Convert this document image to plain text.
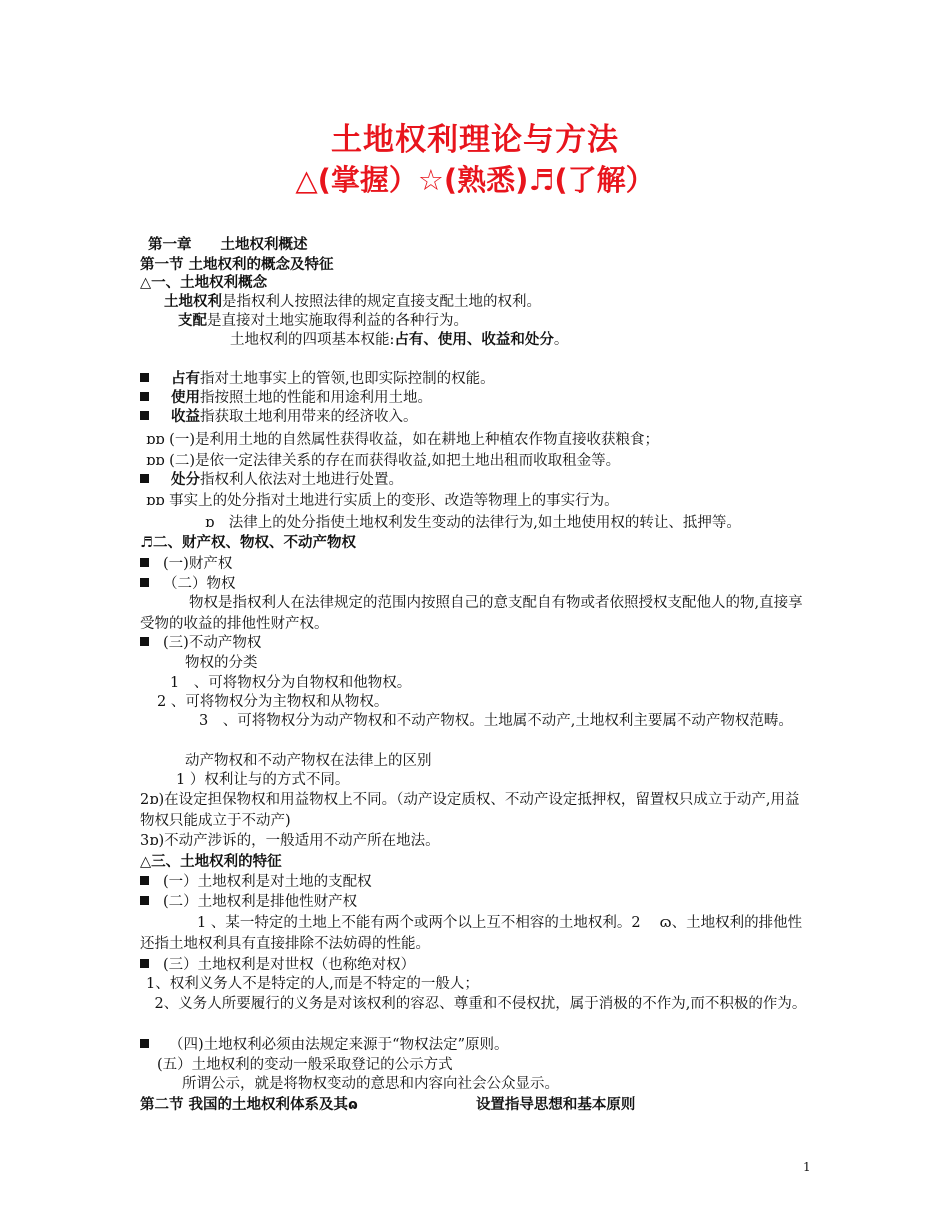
土地权利理论与方法
△(掌握）☆(熟悉)♬(了解）
第一章　　土地权利概述
第一节 土地权利的概念及特征
△一、土地权利概念
土地权利是指权利人按照法律的规定直接支配土地的权利。
支配是直接对土地实施取得利益的各种行为。
土地权利的四项基本权能:占有、使用、收益和处分。
占有指对土地事实上的管领,也即实际控制的权能。
使用指按照土地的性能和用途利用土地。
收益指获取土地利用带来的经济收入。
ɒɒ (一)是利用土地的自然属性获得收益，如在耕地上种植农作物直接收获粮食；
ɒɒ (二)是依一定法律关系的存在而获得收益,如把土地出租而收取租金等。
处分指权利人依法对土地进行处置。
ɒɒ 事实上的处分指对土地进行实质上的变形、改造等物理上的事实行为。
ɒ　法律上的处分指使土地权利发生变动的法律行为,如土地使用权的转让、抵押等。
♬二、财产权、物权、不动产物权
(一)财产权
（二）物权
　　物权是指权利人在法律规定的范围内按照自己的意支配自有物或者依照授权支配他人的物,直接享受物的收益的排他性财产权。
(三)不动产物权
物权的分类
1　、可将物权分为自物权和他物权。
2 、可将物权分为主物权和从物权。
　　3　、可将物权分为动产物权和不动产物权。土地属不动产,土地权利主要属不动产物权范畴。
动产物权和不动产物权在法律上的区别
1 ）权利让与的方式不同。
2ɒ)在设定担保物权和用益物权上不同。（动产设定质权、不动产设定抵押权，留置权只成立于动产,用益物权只能成立于不动产)
3ɒ)不动产涉诉的，一般适用不动产所在地法。
△三、土地权利的特征
(一）土地权利是对土地的支配权
(二）土地权利是排他性财产权
　　1 、某一特定的土地上不能有两个或两个以上互不相容的土地权利。2　 ɷ、土地权利的排他性还指土地权利具有直接排除不法妨碍的性能。
(三）土地权利是对世权（也称绝对权）
1、权利义务人不是特定的人,而是不特定的一般人；
　2、义务人所要履行的义务是对该权利的容忍、尊重和不侵权扰，属于消极的不作为,而不积极的作为。
（四)土地权利必须由法规定来源于“物权法定”原则。
(五）土地权利的变动一般采取登记的公示方式
所谓公示，就是将物权变动的意思和内容向社会公众显示。
第二节 我国的土地权利体系及其ɷ	设置指导思想和基本原则
1
